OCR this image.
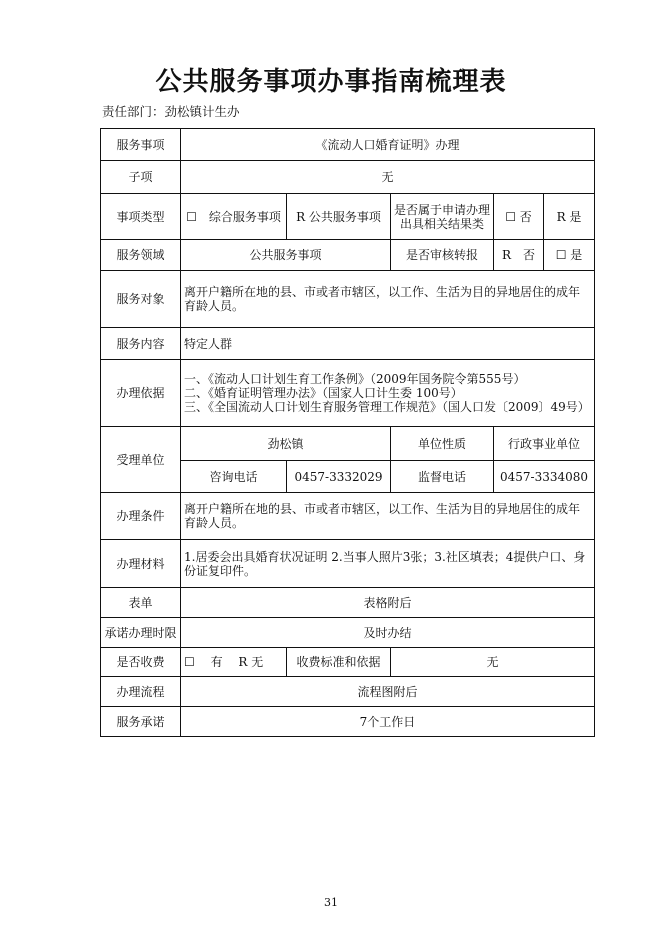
公共服务事项办事指南梳理表
责任部门：劲松镇计生办
服务事项	《流动人口婚育证明》办理				
子项	无				
事项类型	☐　综合服务事项	R 公共服务事项	是否属于申请办理出具相关结果类	☐ 否	R 是
服务领域	公共服务事项		是否审核转报	R　否	☐ 是
服务对象	离开户籍所在地的县、市或者市辖区，以工作、生活为目的异地居住的成年育龄人员。				
服务内容	特定人群				
办理依据	一、《流动人口计划生育工作条例》（2009年国务院令第555号）
二、《婚育证明管理办法》（国家人口计生委 100号）
三、《全国流动人口计划生育服务管理工作规范》（国人口发〔2009〕49号）				

受理单位	劲松镇		单位性质	行政事业单位	
	咨询电话	0457-3332029	监督电话	0457-3334080	
办理条件	离开户籍所在地的县、市或者市辖区，以工作、生活为目的异地居住的成年育龄人员。				
办理材料	1.居委会出具婚育状况证明 2.当事人照片3张；3.社区填表；4提供户口、身份证复印件。				
表单	表格附后				
承诺办理时限	及时办结				
是否收费	☐　 有　 R 无	收费标准和依据	无		
办理流程	流程图附后				
服务承诺	7个工作日				
31
